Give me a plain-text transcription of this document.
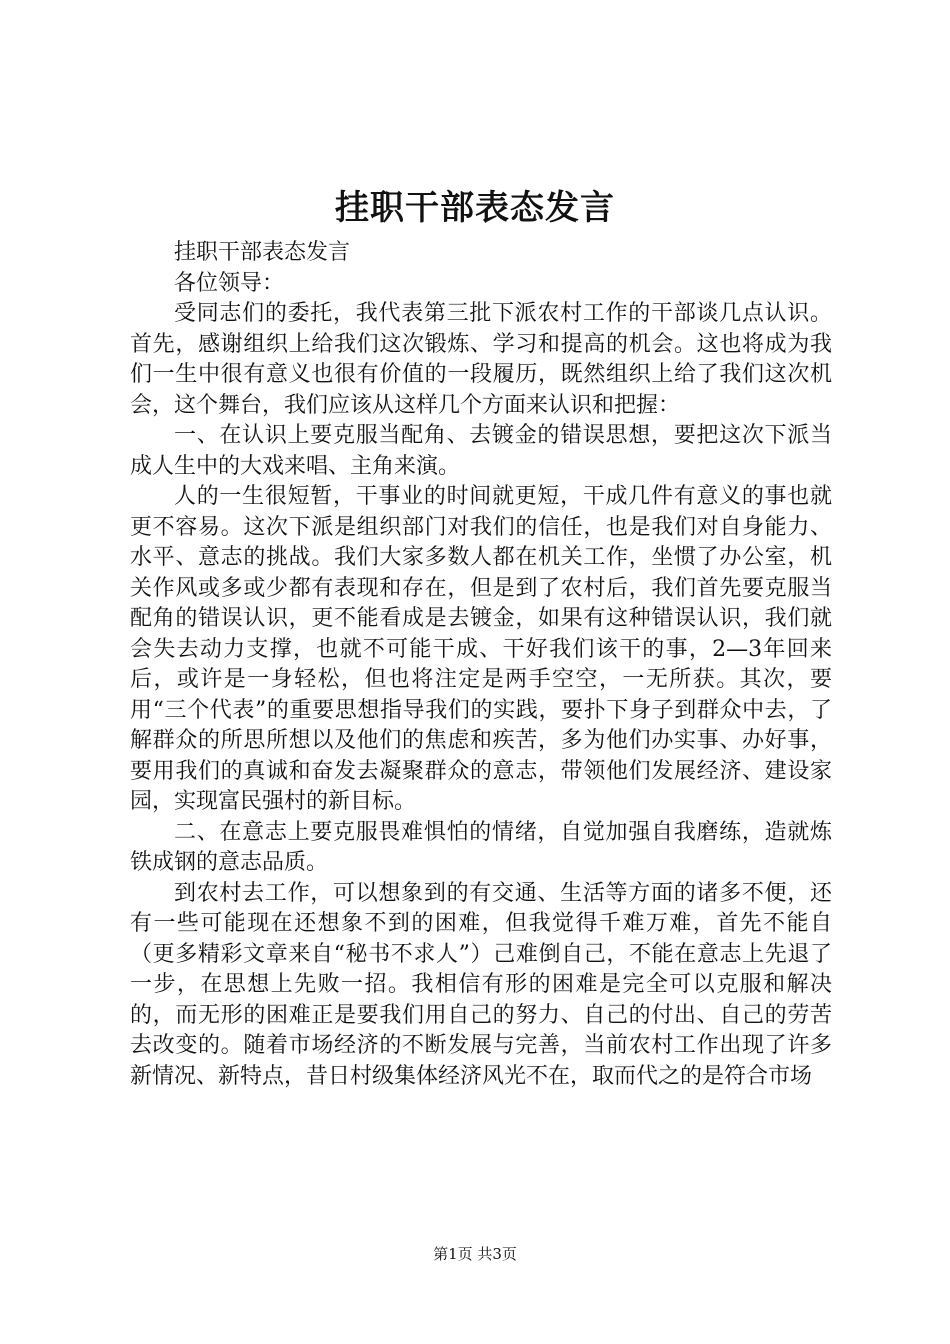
挂职干部表态发言

挂职干部表态发言

各位领导：

受同志们的委托，我代表第三批下派农村工作的干部谈几点认识。首先，感谢组织上给我们这次锻炼、学习和提高的机会。这也将成为我们一生中很有意义也很有价值的一段履历，既然组织上给了我们这次机会，这个舞台，我们应该从这样几个方面来认识和把握：

一、在认识上要克服当配角、去镀金的错误思想，要把这次下派当成人生中的大戏来唱、主角来演。

人的一生很短暂，干事业的时间就更短，干成几件有意义的事也就更不容易。这次下派是组织部门对我们的信任，也是我们对自身能力、水平、意志的挑战。我们大家多数人都在机关工作，坐惯了办公室，机关作风或多或少都有表现和存在，但是到了农村后，我们首先要克服当配角的错误认识，更不能看成是去镀金，如果有这种错误认识，我们就会失去动力支撑，也就不可能干成、干好我们该干的事，2—3年回来后，或许是一身轻松，但也将注定是两手空空，一无所获。其次，要用“三个代表”的重要思想指导我们的实践，要扑下身子到群众中去，了解群众的所思所想以及他们的焦虑和疾苦，多为他们办实事、办好事，要用我们的真诚和奋发去凝聚群众的意志，带领他们发展经济、建设家园，实现富民强村的新目标。

二、在意志上要克服畏难惧怕的情绪，自觉加强自我磨练，造就炼铁成钢的意志品质。

到农村去工作，可以想象到的有交通、生活等方面的诸多不便，还有一些可能现在还想象不到的困难，但我觉得千难万难，首先不能自（更多精彩文章来自“秘书不求人”）己难倒自己，不能在意志上先退了一步，在思想上先败一招。我相信有形的困难是完全可以克服和解决的，而无形的困难正是要我们用自己的努力、自己的付出、自己的劳苦去改变的。随着市场经济的不断发展与完善，当前农村工作出现了许多新情况、新特点，昔日村级集体经济风光不在，取而代之的是符合市场

第1页 共3页
